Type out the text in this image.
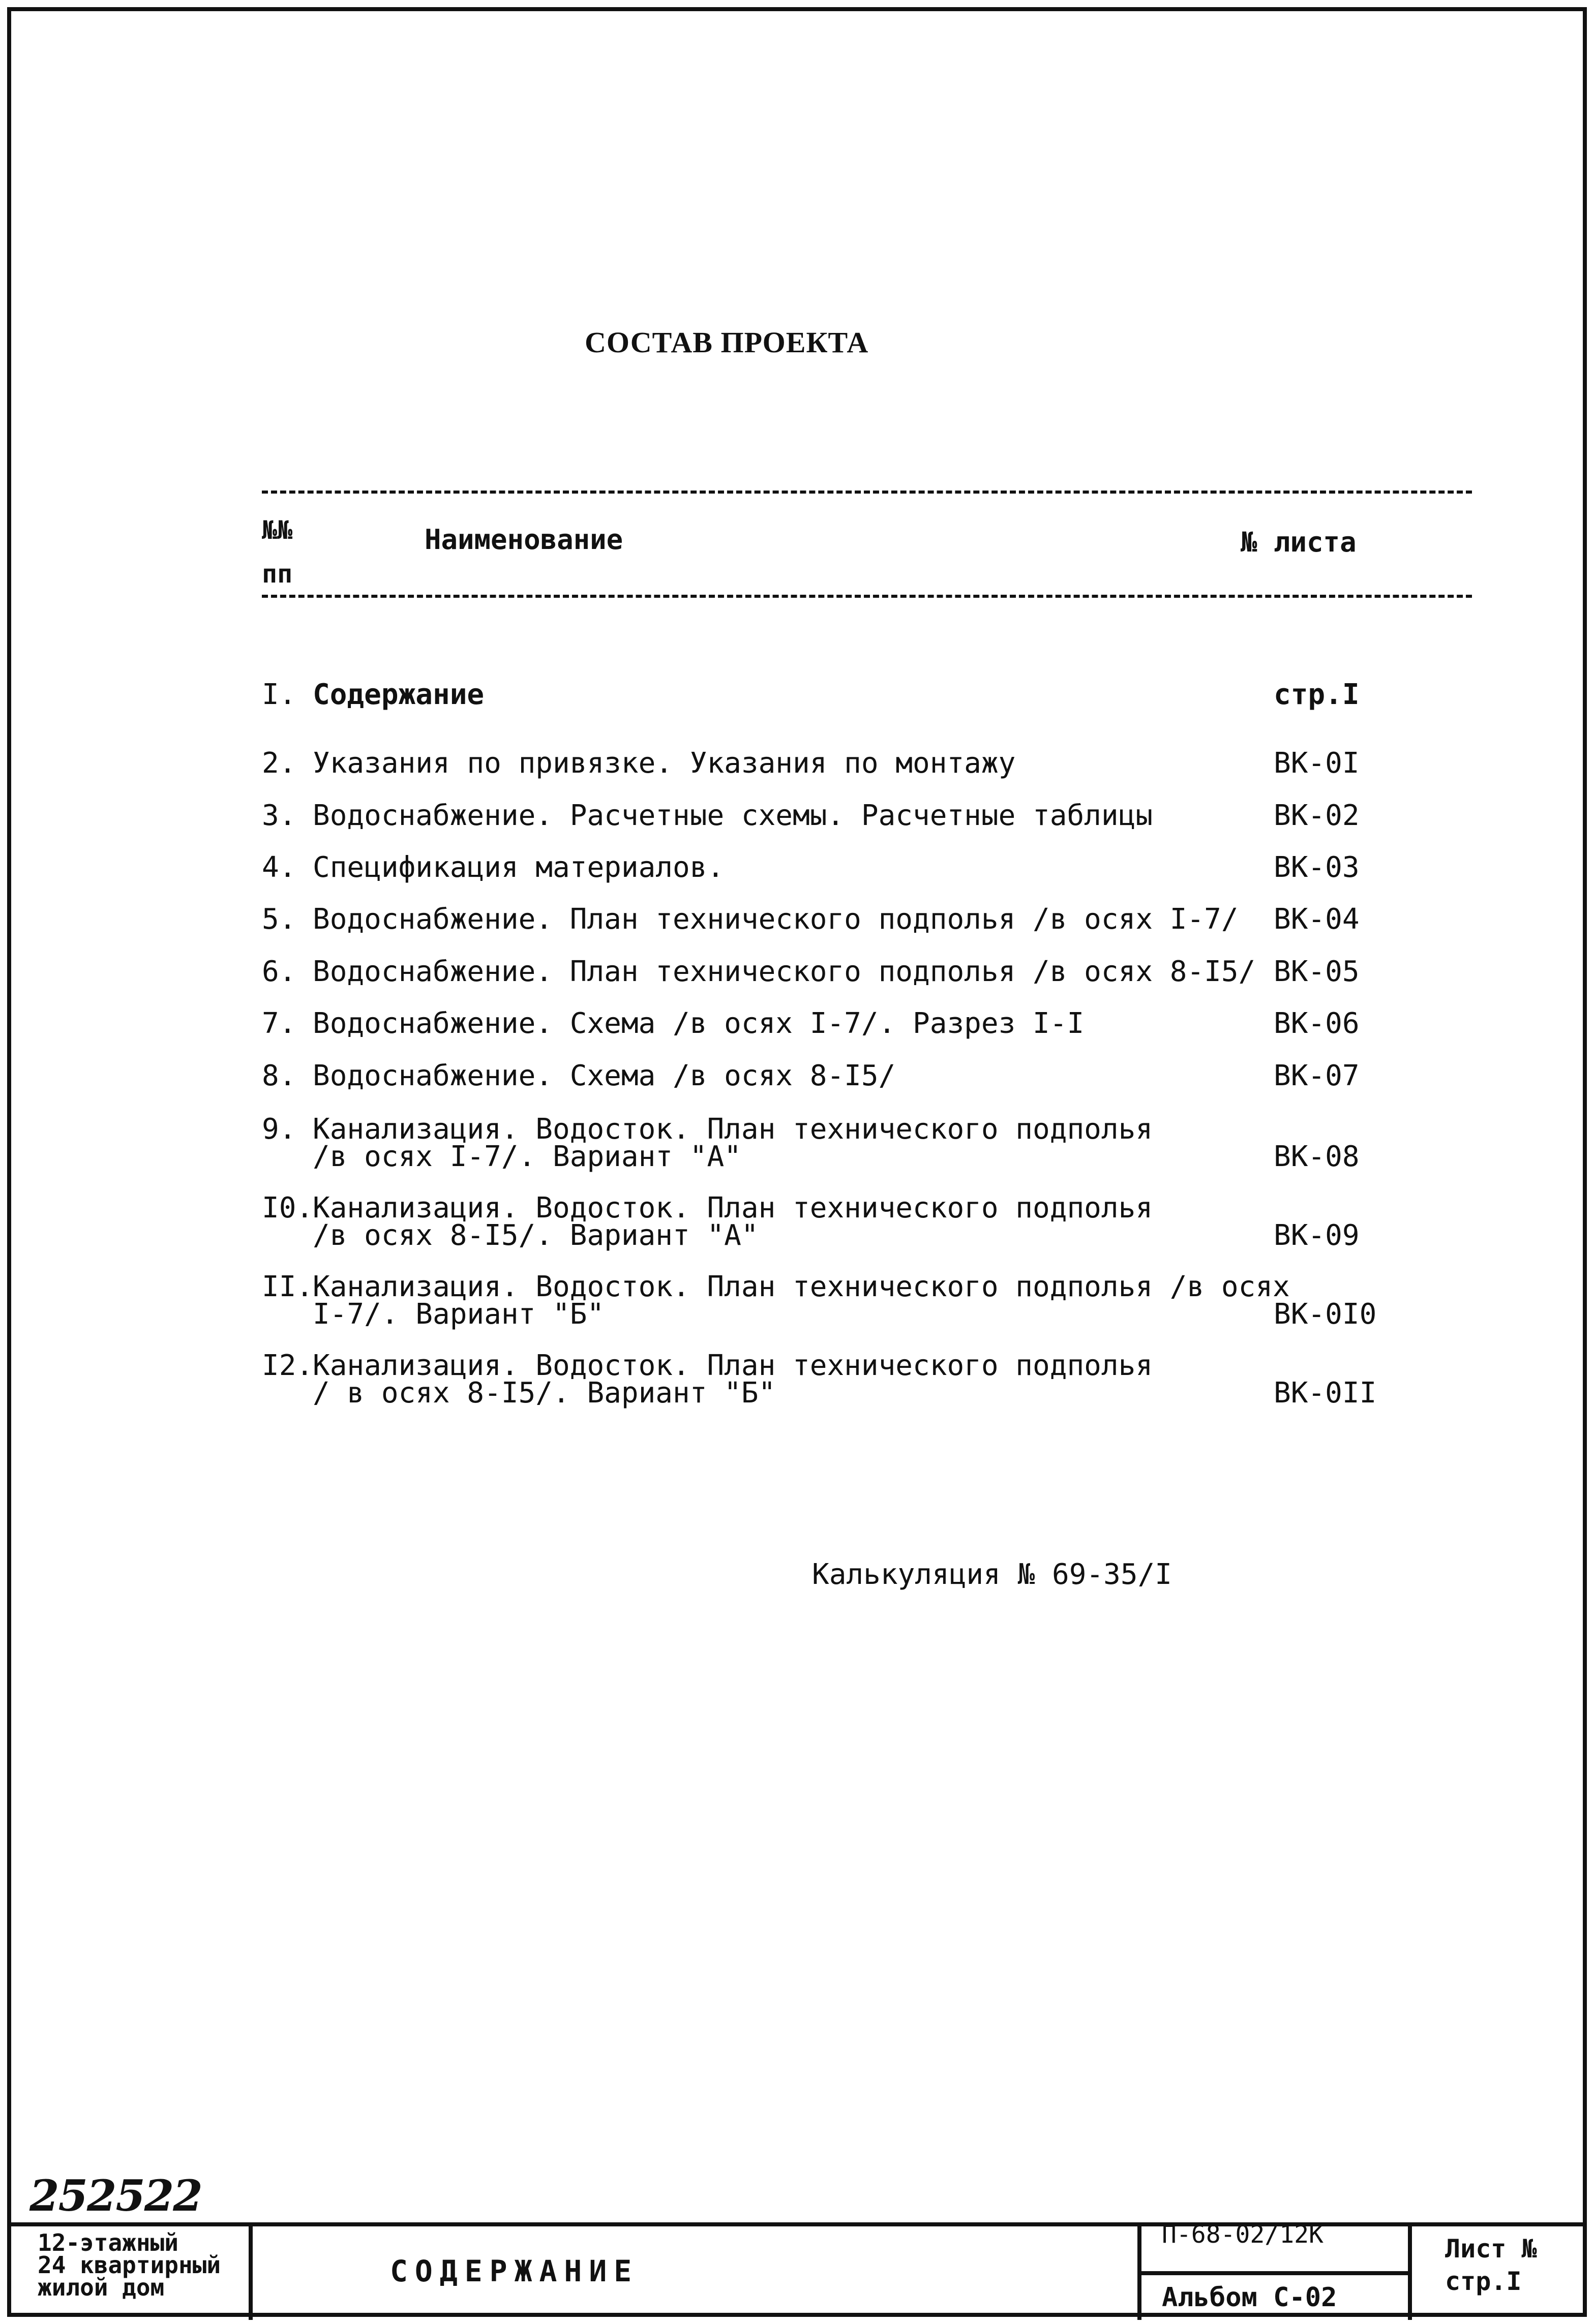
СОСТАВ ПРОЕКТА
№№
пп
Наименование	№ листа
I. Содержание	стр.I
2. Указания по привязке. Указания по монтажу	ВК-0I
3. Водоснабжение. Расчетные схемы. Расчетные таблицы	ВК-02
4. Спецификация материалов.	ВК-03
5. Водоснабжение. План технического подполья /в осях I-7/ ВК-04
6. Водоснабжение. План технического подполья /в осях 8-I5/ ВК-05
7. Водоснабжение. Схема /в осях I-7/. Разрез I-I	ВК-06
8. Водоснабжение. Схема /в осях 8-I5/	ВК-07
9. Канализация. Водосток. План технического подполья
/в осях I-7/. Вариант "А"	ВК-08
I0.
Канализация. Водосток. План технического подполья
/в осях 8-I5/. Вариант "А"	ВК-09
II.
Канализация. Водосток. План технического подполья /в осях
I-7/. Вариант "Б"	ВК-0I0
I2.
Канализация. Водосток. План технического подполья
/ в осях 8-I5/. Вариант "Б"	ВК-0II
Калькуляция № 69-35/I
252522
12-этажный
24 квартирный
жилой дом	СОДЕРЖАНИЕ
П-68-02/12К
Альбом С-02
Лист №
стр.I
